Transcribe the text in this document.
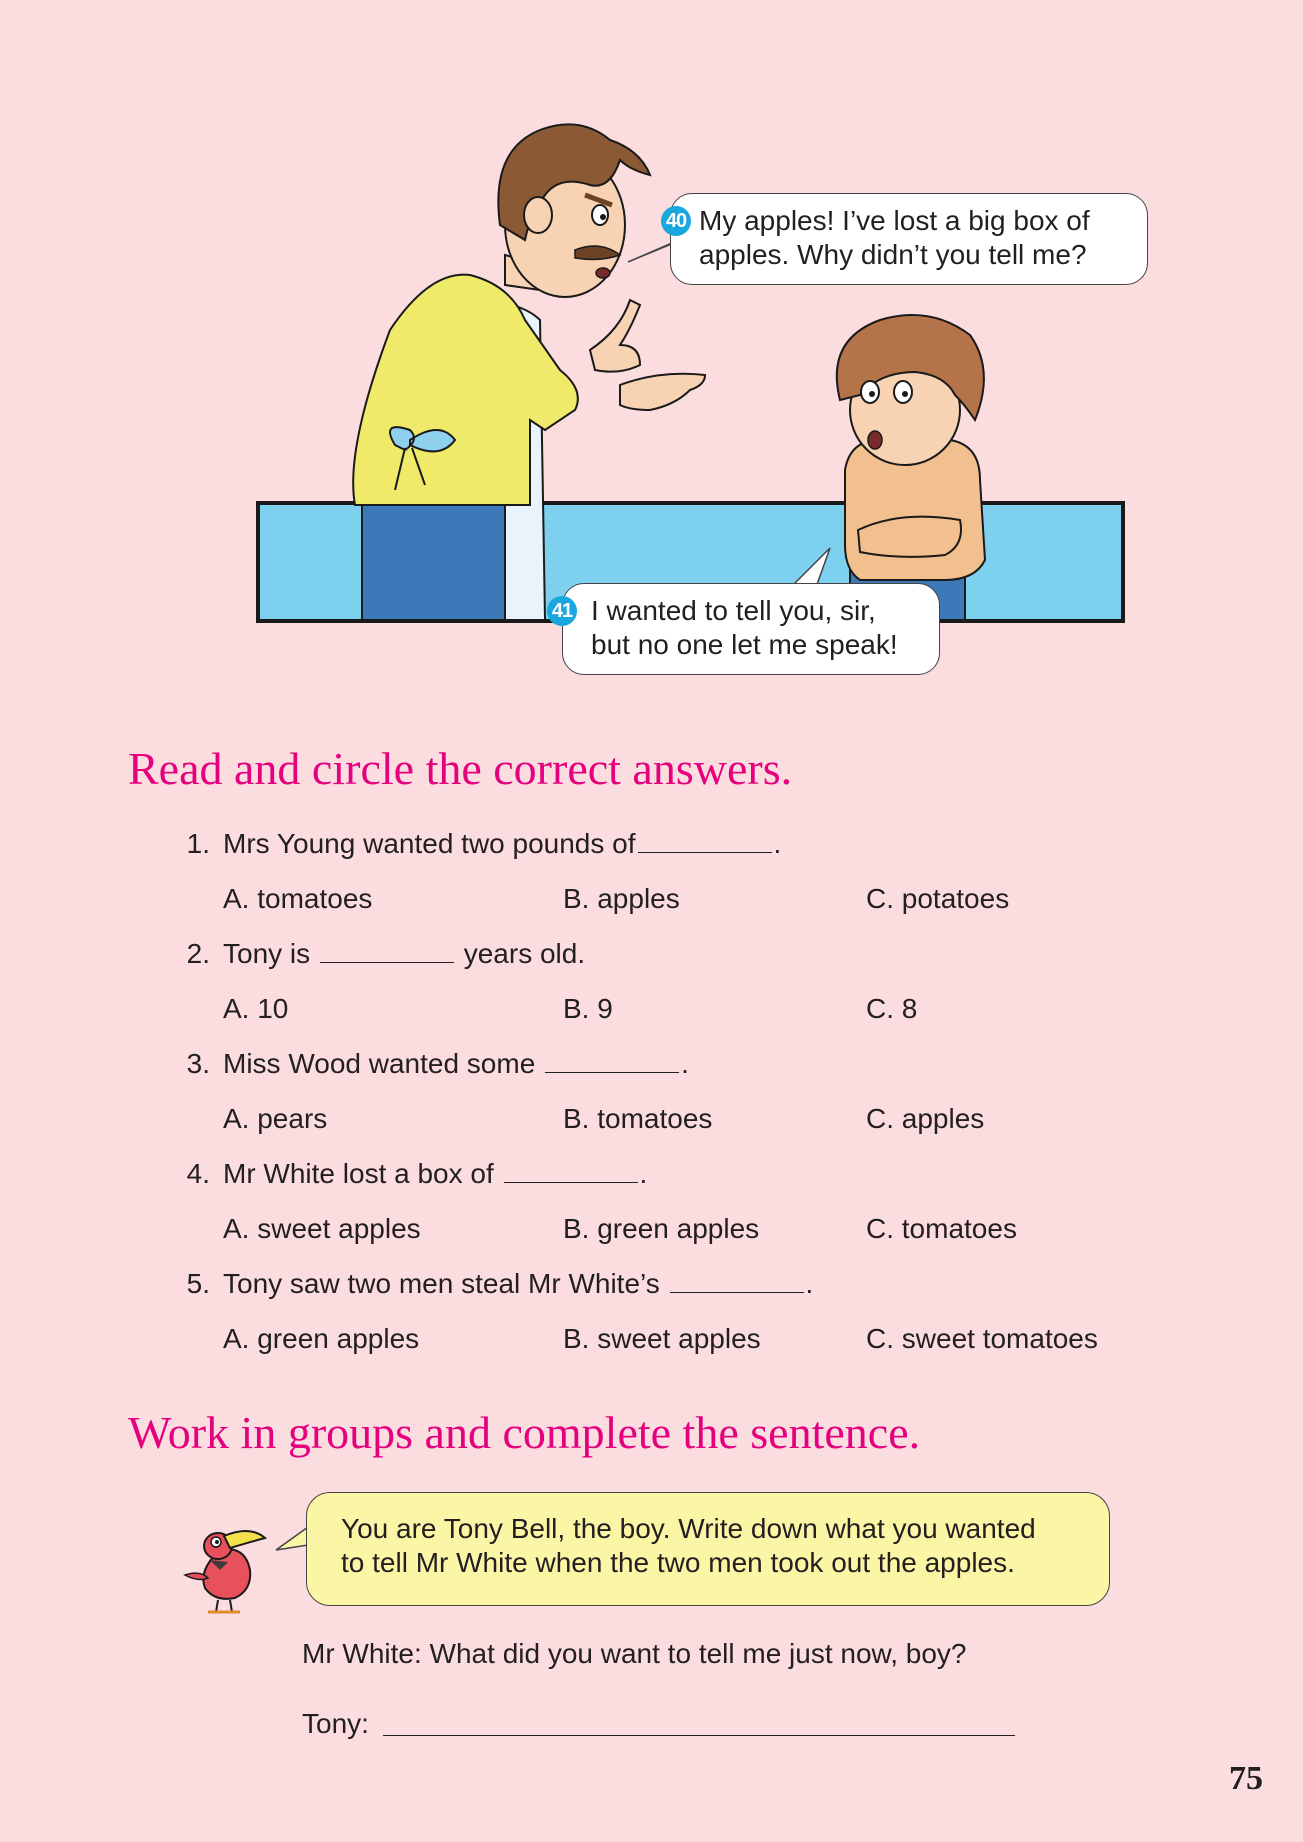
40 My apples! I’ve lost a big box of
apples. Why didn’t you tell me?
41 I wanted to tell you, sir,
but no one let me speak!
Read and circle the correct answers.
1. Mrs Young wanted two pounds of	.
A. tomatoes	B. apples	C. potatoes
2. Tony is	years old.
A. 10	B. 9	C. 8
3. Miss Wood wanted some	.
A. pears	B. tomatoes	C. apples
4. Mr White lost a box of	.
A. sweet apples	B. green apples	C. tomatoes
5. Tony saw two men steal Mr White’s	.
A. green apples	B. sweet apples	C. sweet tomatoes
Work in groups and complete the sentence.
You are Tony Bell, the boy. Write down what you wanted
to tell Mr White when the two men took out the apples.
Mr White: What did you want to tell me just now, boy?
Tony:
75
